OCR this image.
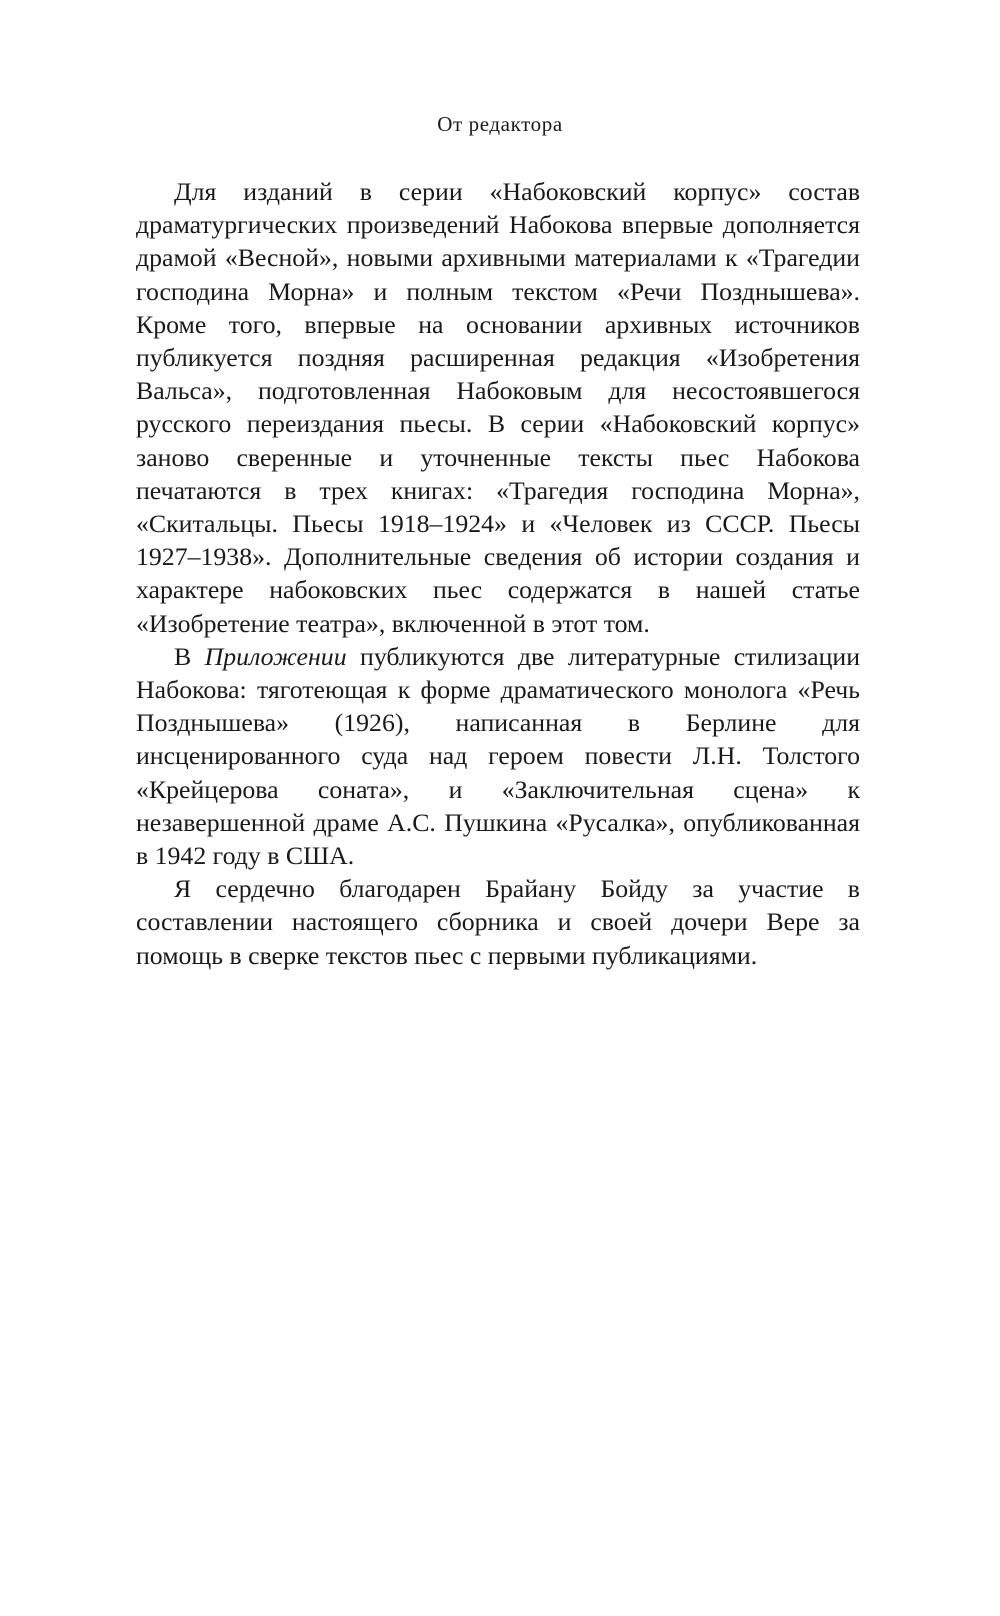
От редактора

Для изданий в серии «Набоковский корпус» состав драматургических произведений Набокова впервые дополняется драмой «Весной», новыми архивными материалами к «Трагедии господина Морна» и полным текстом «Речи Позднышева». Кроме того, впервые на основании архивных источников публикуется поздняя расширенная редакция «Изобретения Вальса», подготовленная Набоковым для несостоявшегося русского переиздания пьесы. В серии «Набоковский корпус» заново сверенные и уточненные тексты пьес Набокова печатаются в трех книгах: «Трагедия господина Морна», «Скитальцы. Пьесы 1918–1924» и «Человек из СССР. Пьесы 1927–1938». Дополнительные сведения об истории создания и характере набоковских пьес содержатся в нашей статье «Изобретение театра», включенной в этот том.

В Приложении публикуются две литературные стилизации Набокова: тяготеющая к форме драматического монолога «Речь Позднышева» (1926), написанная в Берлине для инсценированного суда над героем повести Л.Н. Толстого «Крейцерова соната», и «Заключительная сцена» к незавершенной драме А.С. Пушкина «Русалка», опубликованная в 1942 году в США.

Я сердечно благодарен Брайану Бойду за участие в составлении настоящего сборника и своей дочери Вере за помощь в сверке текстов пьес с первыми публикациями.
